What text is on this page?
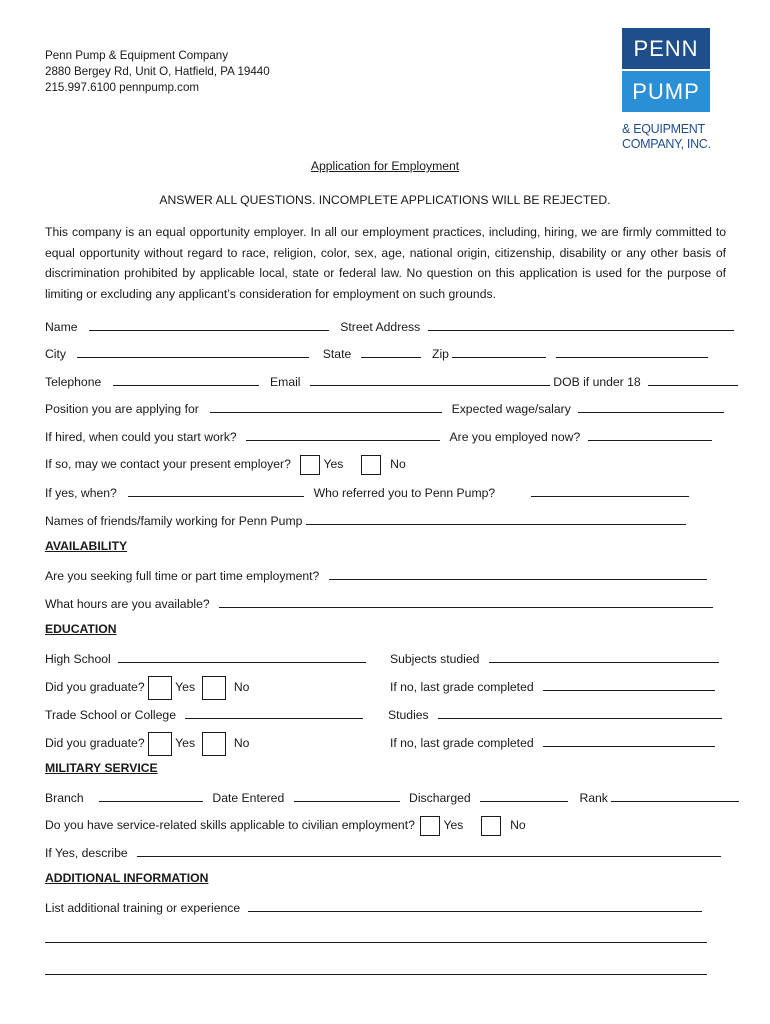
Penn Pump & Equipment Company
2880 Bergey Rd, Unit O, Hatfield, PA 19440
215.997.6100 pennpump.com
PENN
PUMP
& EQUIPMENT
COMPANY, INC.
Application for Employment
ANSWER ALL QUESTIONS. INCOMPLETE APPLICATIONS WILL BE REJECTED.
This company is an equal opportunity employer. In all our employment practices, including, hiring, we are firmly committed to equal opportunity without regard to race, religion, color, sex, age, national origin, citizenship, disability or any other basis of discrimination prohibited by applicable local, state or federal law. No question on this application is used for the purpose of limiting or excluding any applicant’s consideration for employment on such grounds.
Name	Street Address
City	State	Zip
Telephone	Email	DOB if under 18
Position you are applying for	Expected wage/salary
If hired, when could you start work?	Are you employed now?
If so, may we contact your present employer?	Yes	No
If yes, when?	Who referred you to Penn Pump?
Names of friends/family working for Penn Pump
AVAILABILITY
Are you seeking full time or part time employment?
What hours are you available?
EDUCATION
High School	Subjects studied
Did you graduate?	Yes	No	If no, last grade completed
Trade School or College	Studies
Did you graduate?	Yes	No	If no, last grade completed
MILITARY SERVICE
Branch	Date Entered	Discharged	Rank
Do you have service-related skills applicable to civilian employment? Yes	No
If Yes, describe
ADDITIONAL INFORMATION
List additional training or experience
